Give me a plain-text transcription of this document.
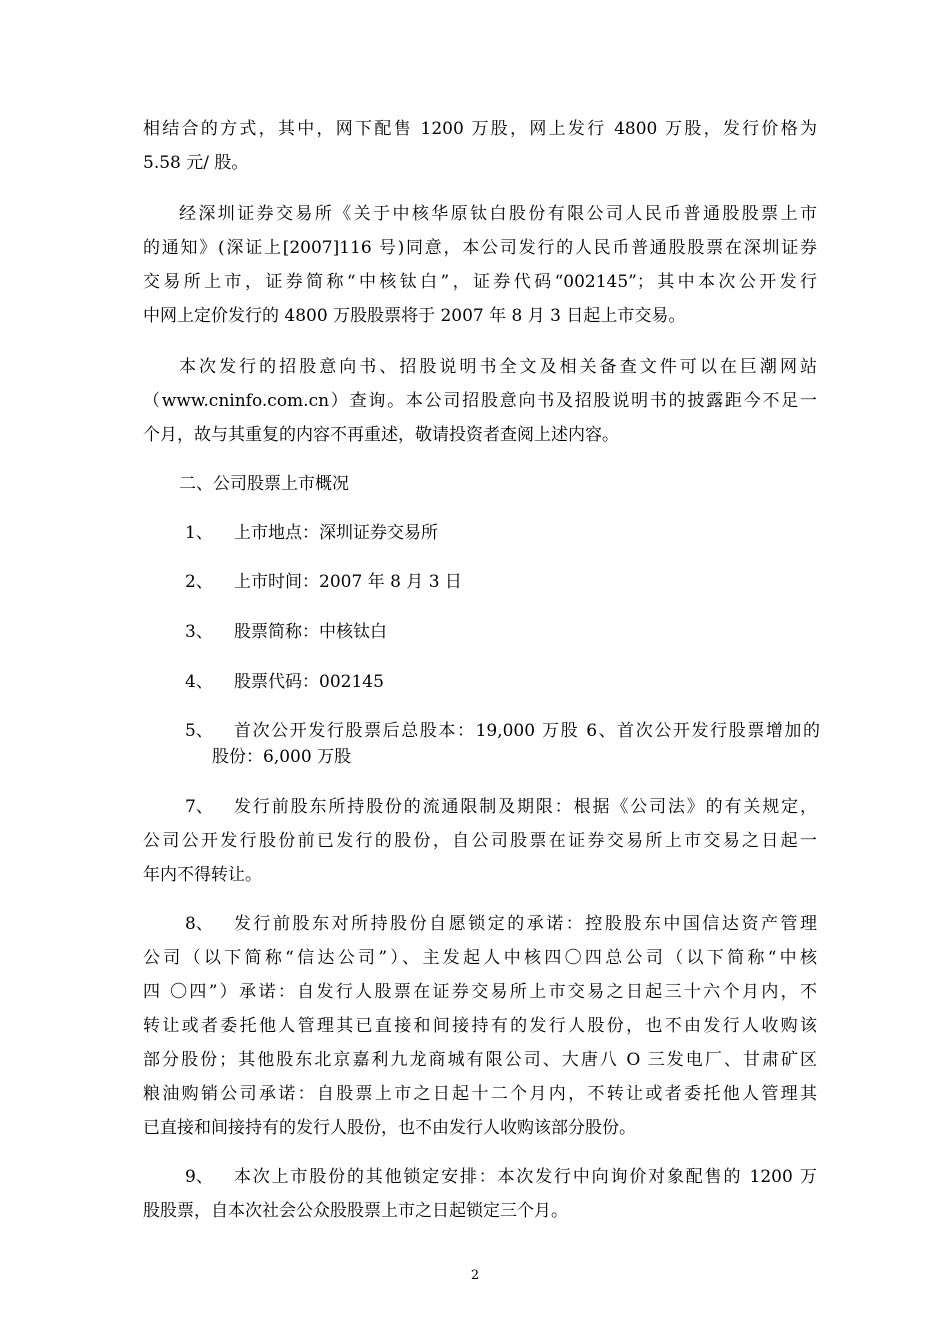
相结合的方式，其中，网下配售 1200 万股，网上发行 4800 万股，发行价格为
5.58 元/ 股。
经深圳证券交易所《关于中核华原钛白股份有限公司人民币普通股股票上市
的通知》(深证上[2007]116 号)同意，本公司发行的人民币普通股股票在深圳证券
交易所上市，证券简称“中核钛白”，证券代码“002145”；其中本次公开发行
中网上定价发行的 4800 万股股票将于 2007 年 8 月 3 日起上市交易。
本次发行的招股意向书、招股说明书全文及相关备查文件可以在巨潮网站
（www.cninfo.com.cn）查询。本公司招股意向书及招股说明书的披露距今不足一
个月，故与其重复的内容不再重述，敬请投资者查阅上述内容。
二、公司股票上市概况
1、 上市地点：深圳证券交易所
2、 上市时间：2007 年 8 月 3 日
3、 股票简称：中核钛白
4、 股票代码：002145
5、 首次公开发行股票后总股本：19,000 万股 6、首次公开发行股票增加的
股份：6,000 万股
7、 发行前股东所持股份的流通限制及期限：根据《公司法》的有关规定，
公司公开发行股份前已发行的股份，自公司股票在证券交易所上市交易之日起一
年内不得转让。
8、 发行前股东对所持股份自愿锁定的承诺：控股股东中国信达资产管理
公司（以下简称“信达公司”）、主发起人中核四〇四总公司（以下简称“中核
四 〇四”）承诺：自发行人股票在证券交易所上市交易之日起三十六个月内，不
转让或者委托他人管理其已直接和间接持有的发行人股份，也不由发行人收购该
部分股份；其他股东北京嘉利九龙商城有限公司、大唐八 O 三发电厂、甘肃矿区
粮油购销公司承诺：自股票上市之日起十二个月内，不转让或者委托他人管理其
已直接和间接持有的发行人股份，也不由发行人收购该部分股份。
9、 本次上市股份的其他锁定安排：本次发行中向询价对象配售的 1200 万
股股票，自本次社会公众股股票上市之日起锁定三个月。
2
